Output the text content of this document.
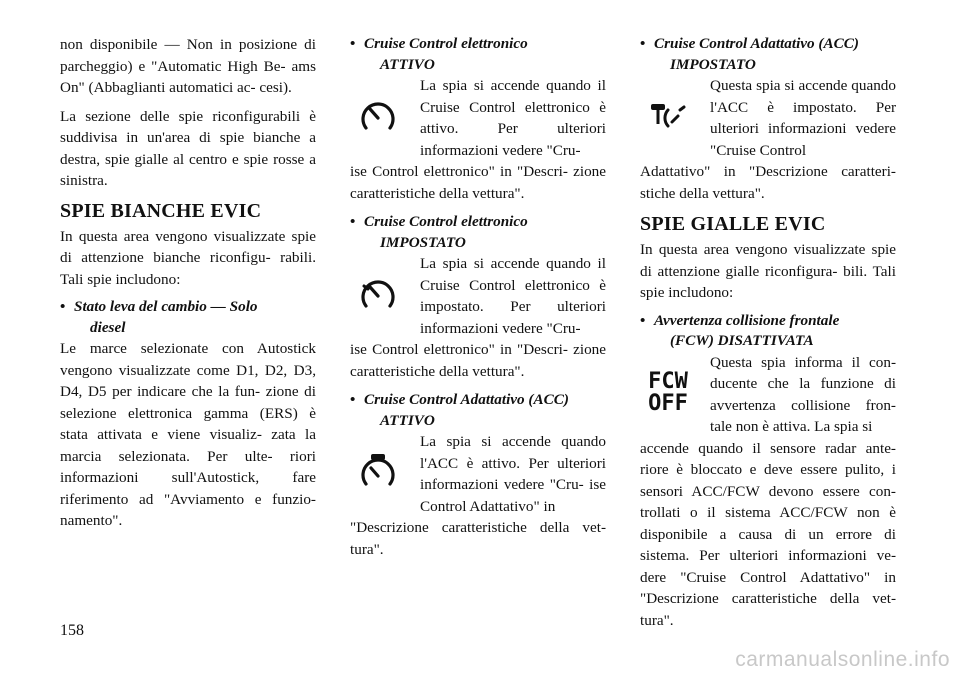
non disponibile — Non in posizione di parcheggio) e "Automatic High Be- ams On" (Abbaglianti automatici ac- cesi).

La sezione delle spie riconfigurabili è suddivisa in un'area di spie bianche a destra, spie gialle al centro e spie rosse a sinistra.

SPIE BIANCHE EVIC

In questa area vengono visualizzate spie di attenzione bianche riconfigu- rabili. Tali spie includono:

• Stato leva del cambio — Solo
diesel

Le marce selezionate con Autostick vengono visualizzate come D1, D2, D3, D4, D5 per indicare che la fun- zione di selezione elettronica gamma (ERS) è stata attivata e viene visualiz- zata la marcia selezionata. Per ulte- riori informazioni sull'Autostick, fare riferimento ad "Avviamento e funzio- namento".

• Cruise Control elettronico
ATTIVO

La spia si accende quando il Cruise Control elettronico è attivo. Per ulteriori informazioni vedere "Cru-

ise Control elettronico" in "Descri- zione caratteristiche della vettura".

• Cruise Control elettronico
IMPOSTATO

La spia si accende quando il Cruise Control elettronico è impostato. Per ulteriori informazioni vedere "Cru-

ise Control elettronico" in "Descri- zione caratteristiche della vettura".

• Cruise Control Adattativo (ACC)
ATTIVO

La spia si accende quando l'ACC è attivo. Per ulteriori informazioni vedere "Cru- ise Control Adattativo" in

"Descrizione caratteristiche della vet- tura".

• Cruise Control Adattativo (ACC)
IMPOSTATO

Questa spia si accende quando l'ACC è impostato. Per ulteriori informazioni vedere "Cruise Control

Adattativo" in "Descrizione caratteri- stiche della vettura".

SPIE GIALLE EVIC

In questa area vengono visualizzate spie di attenzione gialle riconfigura- bili. Tali spie includono:

• Avvertenza collisione frontale
(FCW) DISATTIVATA
FCW
OFF

Questa spia informa il con- ducente che la funzione di avvertenza collisione fron- tale non è attiva. La spia si

accende quando il sensore radar ante- riore è bloccato e deve essere pulito, i sensori ACC/FCW devono essere con- trollati o il sistema ACC/FCW non è disponibile a causa di un errore di sistema. Per ulteriori informazioni ve- dere "Cruise Control Adattativo" in "Descrizione caratteristiche della vet- tura".

158
carmanualsonline.info
